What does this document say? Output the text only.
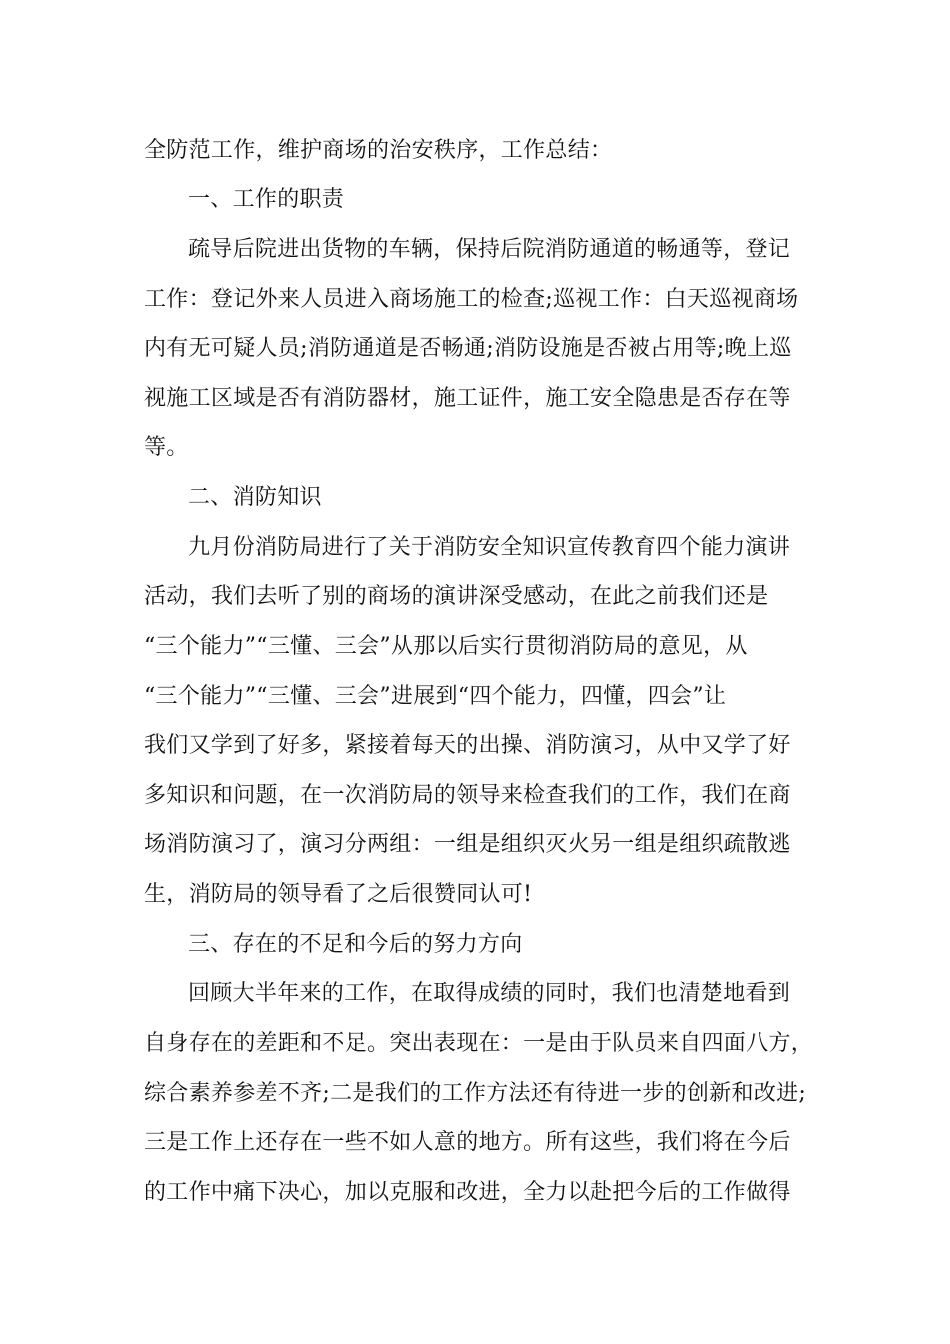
全防范工作，维护商场的治安秩序，工作总结：
一、工作的职责
疏导后院进出货物的车辆，保持后院消防通道的畅通等，登记
工作：登记外来人员进入商场施工的检查;巡视工作：白天巡视商场
内有无可疑人员;消防通道是否畅通;消防设施是否被占用等;晚上巡
视施工区域是否有消防器材，施工证件，施工安全隐患是否存在等
等。
二、消防知识
九月份消防局进行了关于消防安全知识宣传教育四个能力演讲
活动，我们去听了别的商场的演讲深受感动，在此之前我们还是
“三个能力”“三懂、三会”从那以后实行贯彻消防局的意见，从
“三个能力”“三懂、三会”进展到“四个能力，四懂，四会”让
我们又学到了好多，紧接着每天的出操、消防演习，从中又学了好
多知识和问题，在一次消防局的领导来检查我们的工作，我们在商
场消防演习了，演习分两组：一组是组织灭火另一组是组织疏散逃
生，消防局的领导看了之后很赞同认可!
三、存在的不足和今后的努力方向
回顾大半年来的工作，在取得成绩的同时，我们也清楚地看到
自身存在的差距和不足。突出表现在：一是由于队员来自四面八方，
综合素养参差不齐;二是我们的工作方法还有待进一步的创新和改进;
三是工作上还存在一些不如人意的地方。所有这些，我们将在今后
的工作中痛下决心，加以克服和改进，全力以赴把今后的工作做得
